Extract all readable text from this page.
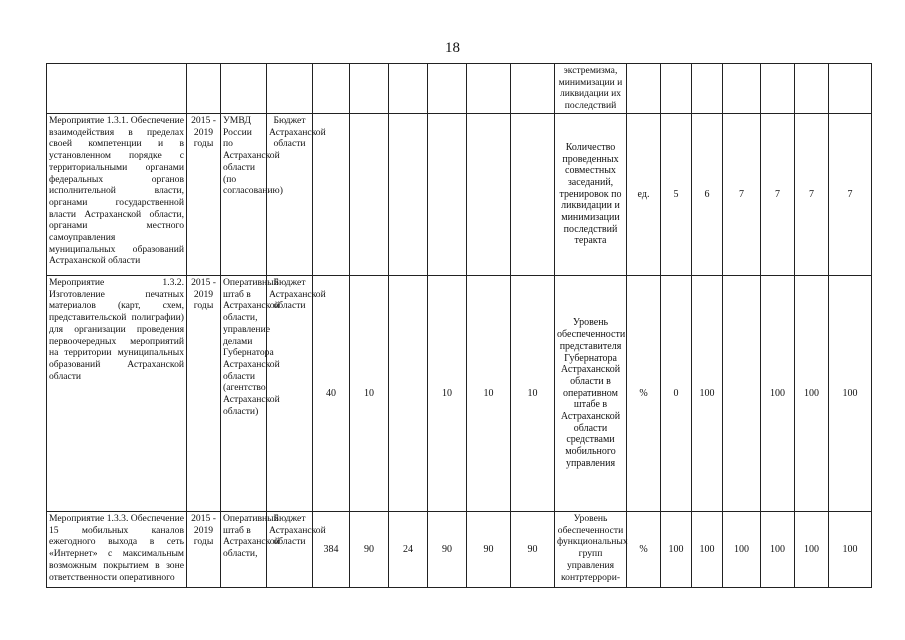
18
										экстремизма, минимизации и ликвидации их последствий							
Мероприятие 1.3.1. Обеспечение взаимодействия в пределах своей компетенции и в установленном порядке с территориальными органами федеральных органов исполнительной власти, органами государственной власти Астраханской области, органами местного самоуправления муниципальных образований Астраханской области	2015 - 2019 годы	УМВД России по Астраханской области (по согласованию)	Бюджет Астраханской области							Количество проведенных совместных заседаний, тренировок по ликвидации и минимизации последствий теракта	ед.	5	6	7	7	7	7
Мероприятие 1.3.2. Изготовление печатных материалов (карт, схем, представительской полиграфии) для организации проведения первоочередных мероприятий на территории муниципальных образований Астраханской области	2015 - 2019 годы	Оперативный штаб в Астраханской области, управление делами Губернатора Астраханской области (агентство Астраханской области)	Бюджет Астраханской области	40	10		10	10	10	Уровень обеспеченности представителя Губернатора Астраханской области в оперативном штабе в Астраханской области средствами мобильного управления	%	0	100		100	100	100
Мероприятие 1.3.3. Обеспечение 15 мобильных каналов ежегодного выхода в сеть «Интернет» с максимальным возможным покрытием в зоне ответственности оперативного	2015 - 2019 годы	Оперативный штаб в Астраханской области,	Бюджет Астраханской области	384	90	24	90	90	90	Уровень обеспеченности функциональных групп управления контртеррори-	%	100	100	100	100	100	100
